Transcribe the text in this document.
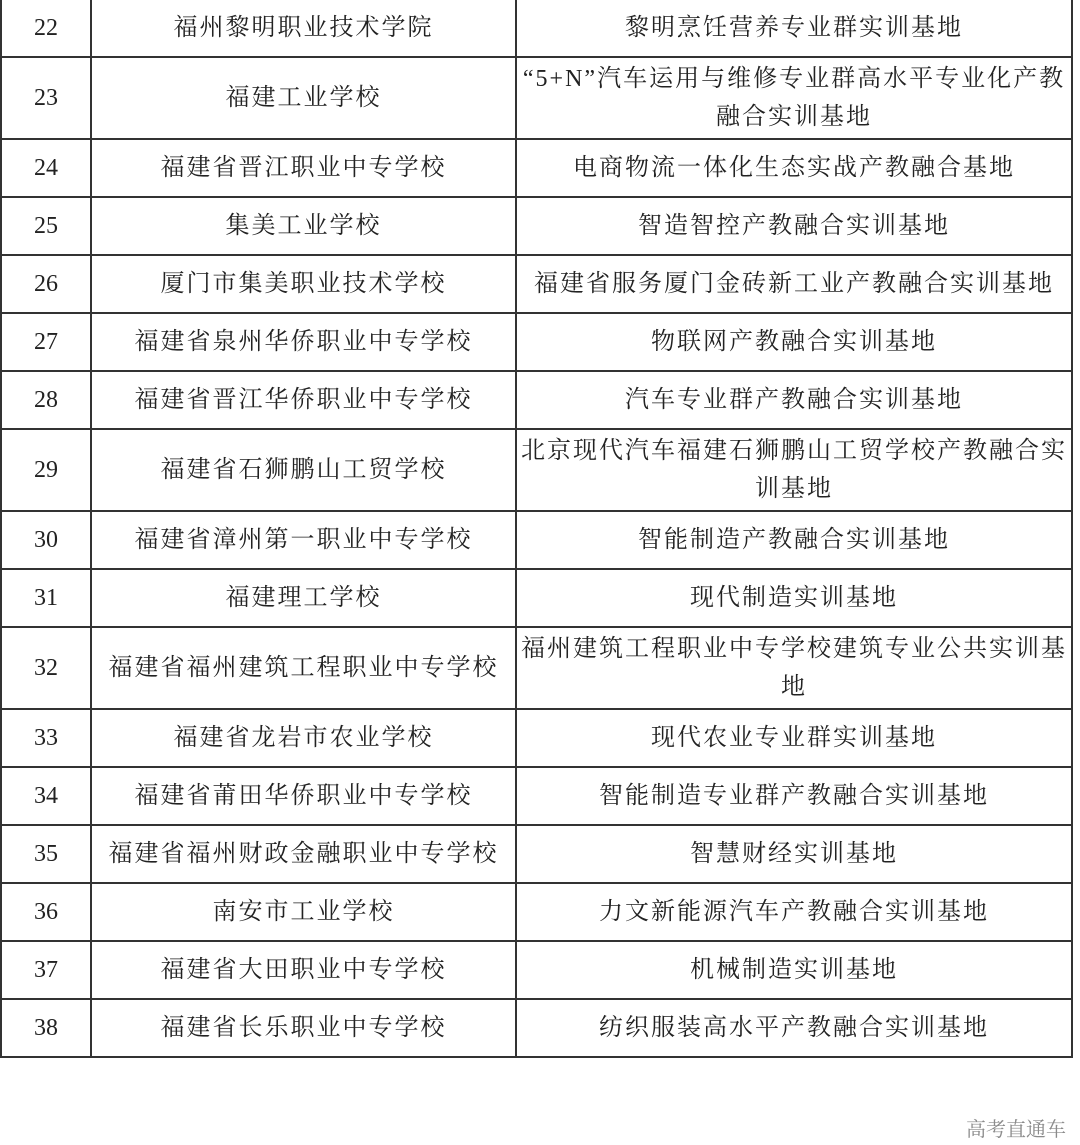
22	福州黎明职业技术学院	黎明烹饪营养专业群实训基地
23	福建工业学校	“5+N”汽车运用与维修专业群高水平专业化产教融合实训基地
24	福建省晋江职业中专学校	电商物流一体化生态实战产教融合基地
25	集美工业学校	智造智控产教融合实训基地
26	厦门市集美职业技术学校	福建省服务厦门金砖新工业产教融合实训基地
27	福建省泉州华侨职业中专学校	物联网产教融合实训基地
28	福建省晋江华侨职业中专学校	汽车专业群产教融合实训基地
29	福建省石狮鹏山工贸学校	北京现代汽车福建石狮鹏山工贸学校产教融合实训基地
30	福建省漳州第一职业中专学校	智能制造产教融合实训基地
31	福建理工学校	现代制造实训基地
32	福建省福州建筑工程职业中专学校	福州建筑工程职业中专学校建筑专业公共实训基地
33	福建省龙岩市农业学校	现代农业专业群实训基地
34	福建省莆田华侨职业中专学校	智能制造专业群产教融合实训基地
35	福建省福州财政金融职业中专学校	智慧财经实训基地
36	南安市工业学校	力文新能源汽车产教融合实训基地
37	福建省大田职业中专学校	机械制造实训基地
38	福建省长乐职业中专学校	纺织服装高水平产教融合实训基地
高考直通车
